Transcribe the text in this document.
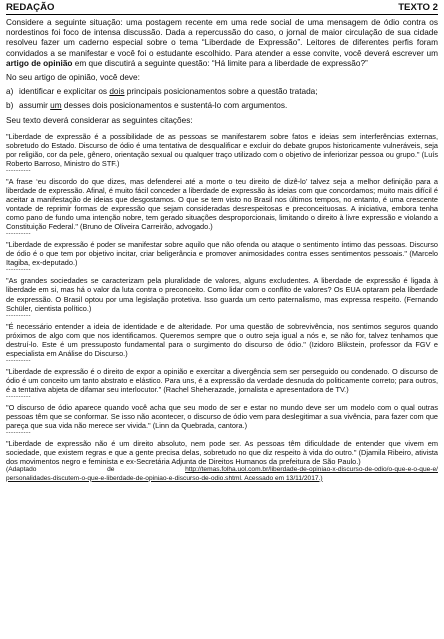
REDAÇÃO	TEXTO 2

Considere a seguinte situação: uma postagem recente em uma rede social de uma mensagem de ódio contra os nordestinos foi foco de intensa discussão. Dada a repercussão do caso, o jornal de maior circulação de sua cidade resolveu fazer um caderno especial sobre o tema “Liberdade de Expressão”. Leitores de diferentes perfis foram convidados a se manifestar e você foi o estudante escolhido. Para atender a esse convite, você deverá escrever um artigo de opinião em que discutirá a seguinte questão: “Há limite para a liberdade de expressão?”

No seu artigo de opinião, você deve:

a) identificar e explicitar os dois principais posicionamentos sobre a questão tratada;
b) assumir um desses dois posicionamentos e sustentá-lo com argumentos.

Seu texto deverá considerar as seguintes citações:

"Liberdade de expressão é a possibilidade de as pessoas se manifestarem sobre fatos e ideias sem interferências externas, sobretudo do Estado. Discurso de ódio é uma tentativa de desqualificar e excluir do debate grupos historicamente vulneráveis, seja por religião, cor da pele, gênero, orientação sexual ou qualquer traço utilizado com o objetivo de inferiorizar pessoa ou grupo." (Luís Roberto Barroso, Ministro do STF.)

----------

"A frase ‘eu discordo do que dizes, mas defenderei até a morte o teu direito de dizê-lo’ talvez seja a melhor definição para a liberdade de expressão. Afinal, é muito fácil conceder a liberdade de expressão às ideias com que concordamos; muito mais difícil é aceitar a manifestação de ideias que desgostamos. O que se tem visto no Brasil nos últimos tempos, no entanto, é uma crescente vontade de reprimir formas de expressão que sejam consideradas desrespeitosas e preconceituosas. A iniciativa, embora tenha como pano de fundo uma intenção nobre, tem gerado situações desproporcionais, limitando o direito à livre expressão e violando a Constituição Federal." (Bruno de Oliveira Carreirão, advogado.)

----------

"Liberdade de expressão é poder se manifestar sobre aquilo que não ofenda ou ataque o sentimento íntimo das pessoas. Discurso de ódio é o que tem por objetivo incitar, criar beligerância e promover animosidades contra esses sentimentos pessoais." (Marcelo Itagiba, ex-deputado.)

----------

"As grandes sociedades se caracterizam pela pluralidade de valores, alguns excludentes. A liberdade de expressão é ligada à liberdade em si, mas há o valor da luta contra o preconceito. Como lidar com o conflito de valores? Os EUA optaram pela liberdade de expressão. O Brasil optou por uma legislação protetiva. Isso guarda um certo paternalismo, mas expressa respeito. (Fernando Schüler, cientista político.)

----------

"É necessário entender a ideia de identidade e de alteridade. Por uma questão de sobrevivência, nos sentimos seguros quando próximos de algo com que nos identificamos. Queremos sempre que o outro seja igual a nós e, se não for, talvez tenhamos que destruí-lo. Este é um pressuposto fundamental para o surgimento do discurso de ódio." (Izidoro Blikstein, professor da FGV e especialista em Análise do Discurso.)

----------

"Liberdade de expressão é o direito de expor a opinião e exercitar a divergência sem ser perseguido ou condenado. O discurso de ódio é um conceito um tanto abstrato e elástico. Para uns, é a expressão da verdade desnuda do politicamente correto; para outros, é a tentativa abjeta de difamar seu interlocutor." (Rachel Sheherazade, jornalista e apresentadora de TV.)

----------

"O discurso de ódio aparece quando você acha que seu modo de ser e estar no mundo deve ser um modelo com o qual outras pessoas têm que se conformar. Se isso não acontecer, o discurso de ódio vem para deslegitimar a sua vivência, para fazer com que pareça que sua vida não merece ser vivida." (Linn da Quebrada, cantora.)

----------

"Liberdade de expressão não é um direito absoluto, nem pode ser. As pessoas têm dificuldade de entender que vivem em sociedade, que existem regras e que a gente precisa delas, sobretudo no que diz respeito à vida do outro." (Djamila Ribeiro, ativista dos movimentos negro e feminista e ex-Secretária Adjunta de Direitos Humanos da prefeitura de São Paulo.)

(Adaptado	de	http://temas.folha.uol.com.br/liberdade-de-opiniao-x-discurso-de-odio/o-que-e-o-que-e/
personalidades-discutem-o-que-e-liberdade-de-opiniao-e-discurso-de-odio.shtml. Acessado em 13/11/2017.)
